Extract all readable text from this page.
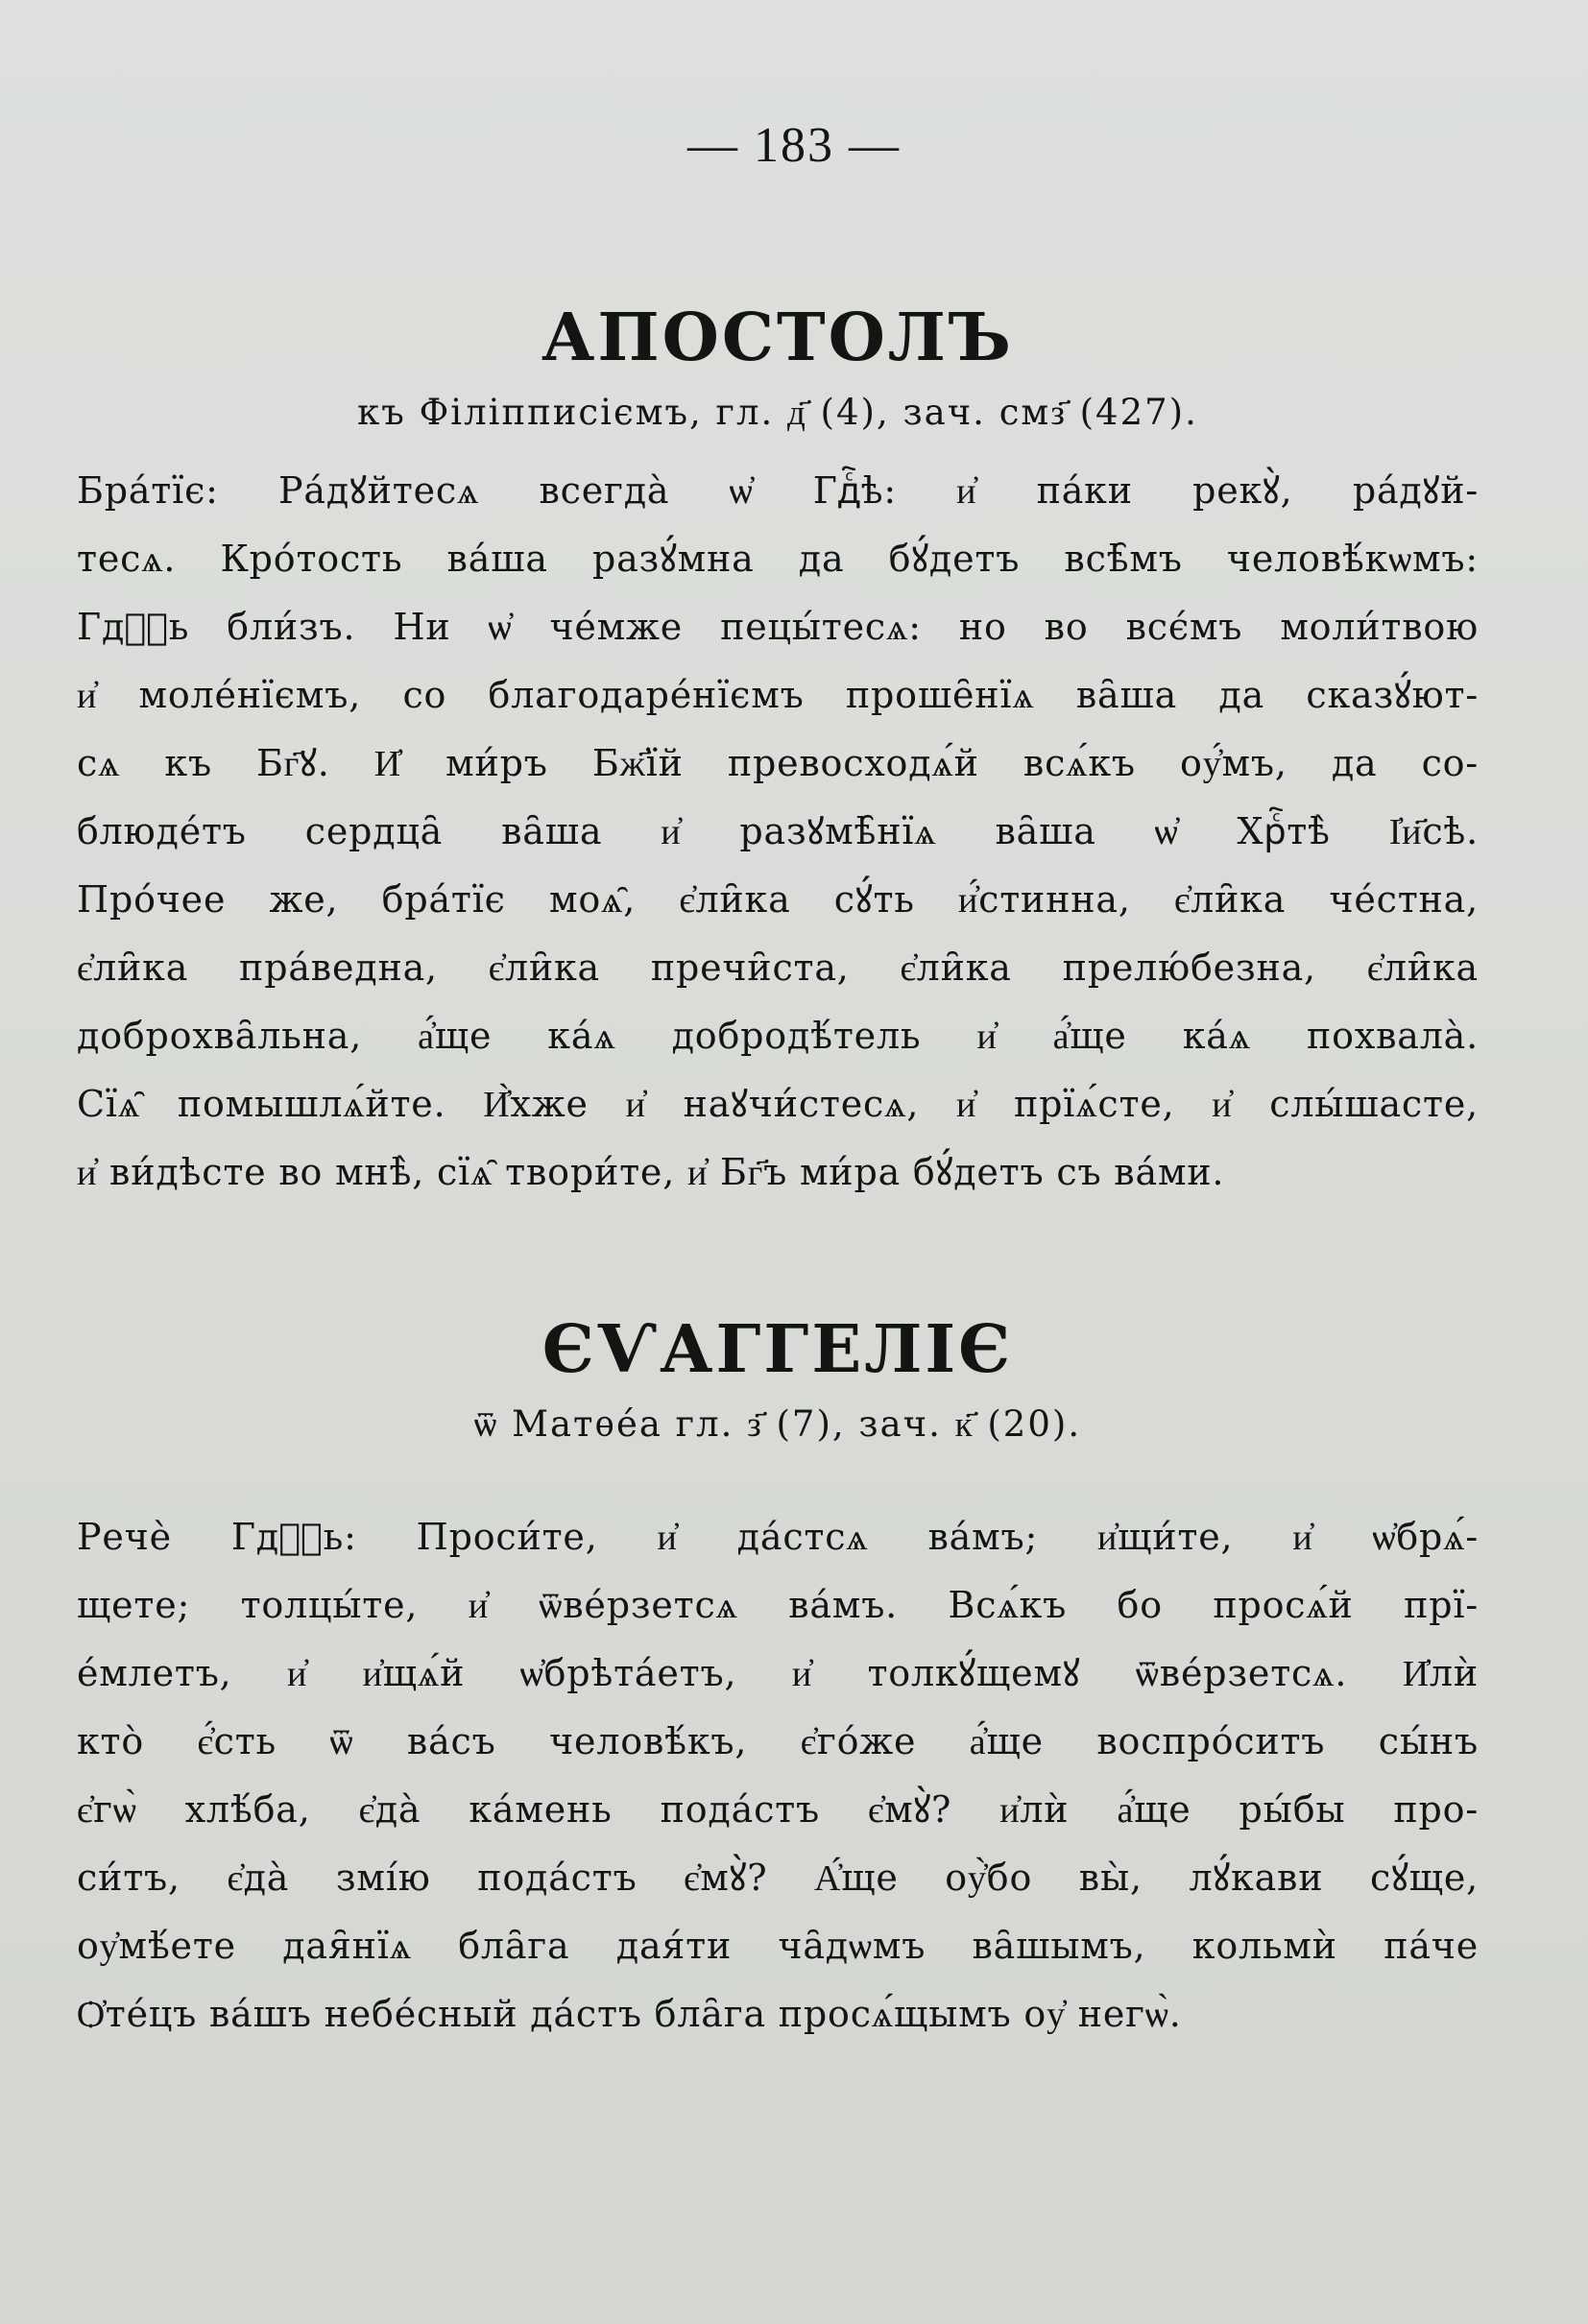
— 183 —
АПОСТОЛЪ

къ Філіпписіємъ, гл. д҃ (4), зач. смз҃ (427).

Бра́тїє: Ра́дꙋйтесѧ всегда̀ ѡ҆ Гдⷭ҇ѣ: и҆ па́ки рекꙋ̀, ра́дꙋй-
тесѧ. Кро́тость ва́ша разꙋ́мна да бꙋ́детъ всѣ̑мъ человѣ́кѡмъ:
Гдⷭ҇ь бли́зъ. Ни ѡ҆ че́мже пецы́тесѧ: но во всє́мъ моли́твою
и҆ моле́нїємъ, со благодаре́нїємъ проше̑нїѧ ва̑ша да сказꙋ́ют-
сѧ къ Бг҃ꙋ. И҆ ми́ръ Бж҃їй превосходѧ́й всѧ́къ оу҆́мъ, да со-
блюде́тъ сердца̑ ва̑ша и҆ разꙋмѣ̑нїѧ ва̑ша ѡ҆ Хрⷭ҇тѣ̀ І҆и҃сѣ.
Про́чее же, бра́тїє моѧ̑, є҆ли̑ка сꙋ́ть и҆́стинна, є҆ли̑ка че́стна,
є҆ли̑ка пра́ведна, є҆ли̑ка пречи̑ста, є҆ли̑ка прелю́безна, є҆ли̑ка
доброхва̑льна, а҆́ще ка́ѧ добродѣ́тель и҆ а҆́ще ка́ѧ похвала̀.
Сїѧ̑ помышлѧ́йте. И҆̀хже и҆ наꙋчи́стесѧ, и҆ прїѧ́сте, и҆ слы́шасте,
и҆ ви́дѣсте во мнѣ̀, сїѧ̑ твори́те, и҆ Бг҃ъ ми́ра бꙋ́детъ съ ва́ми.
ЄѴАГГЕЛІЄ

ѿ Матѳе́а гл. з҃ (7), зач. к҃ (20).

Речѐ Гдⷭ҇ь: Проси́те, и҆ да́стсѧ ва́мъ; и҆щи́те, и҆ ѡ҆брѧ́-
щете; толцы́те, и҆ ѿве́рзетсѧ ва́мъ. Всѧ́къ бо просѧ́й прї-
е́млетъ, и҆ и҆щѧ́й ѡ҆брѣта́етъ, и҆ толкꙋ́щемꙋ ѿве́рзетсѧ. И҆лѝ
кто̀ є҆́сть ѿ ва́съ человѣ́къ, є҆го́же а҆́ще воспро́ситъ сы́нъ
є҆гѡ̀ хлѣ́ба, є҆да̀ ка́мень пода́стъ є҆мꙋ̀? и҆лѝ а҆́ще ры́бы про-
си́тъ, є҆да̀ змі́ю пода́стъ є҆мꙋ̀? А҆́ще оу҆̀бо вы̀, лꙋ́кави сꙋ́ще,
оу҆мѣ́ете дая̑нїѧ бла̑га дая́ти ча̑дѡмъ ва̑шымъ, кольмѝ па́че
Ѻ҆те́цъ ва́шъ небе́сный да́стъ бла̑га просѧ́щымъ оу҆ негѡ̀.
